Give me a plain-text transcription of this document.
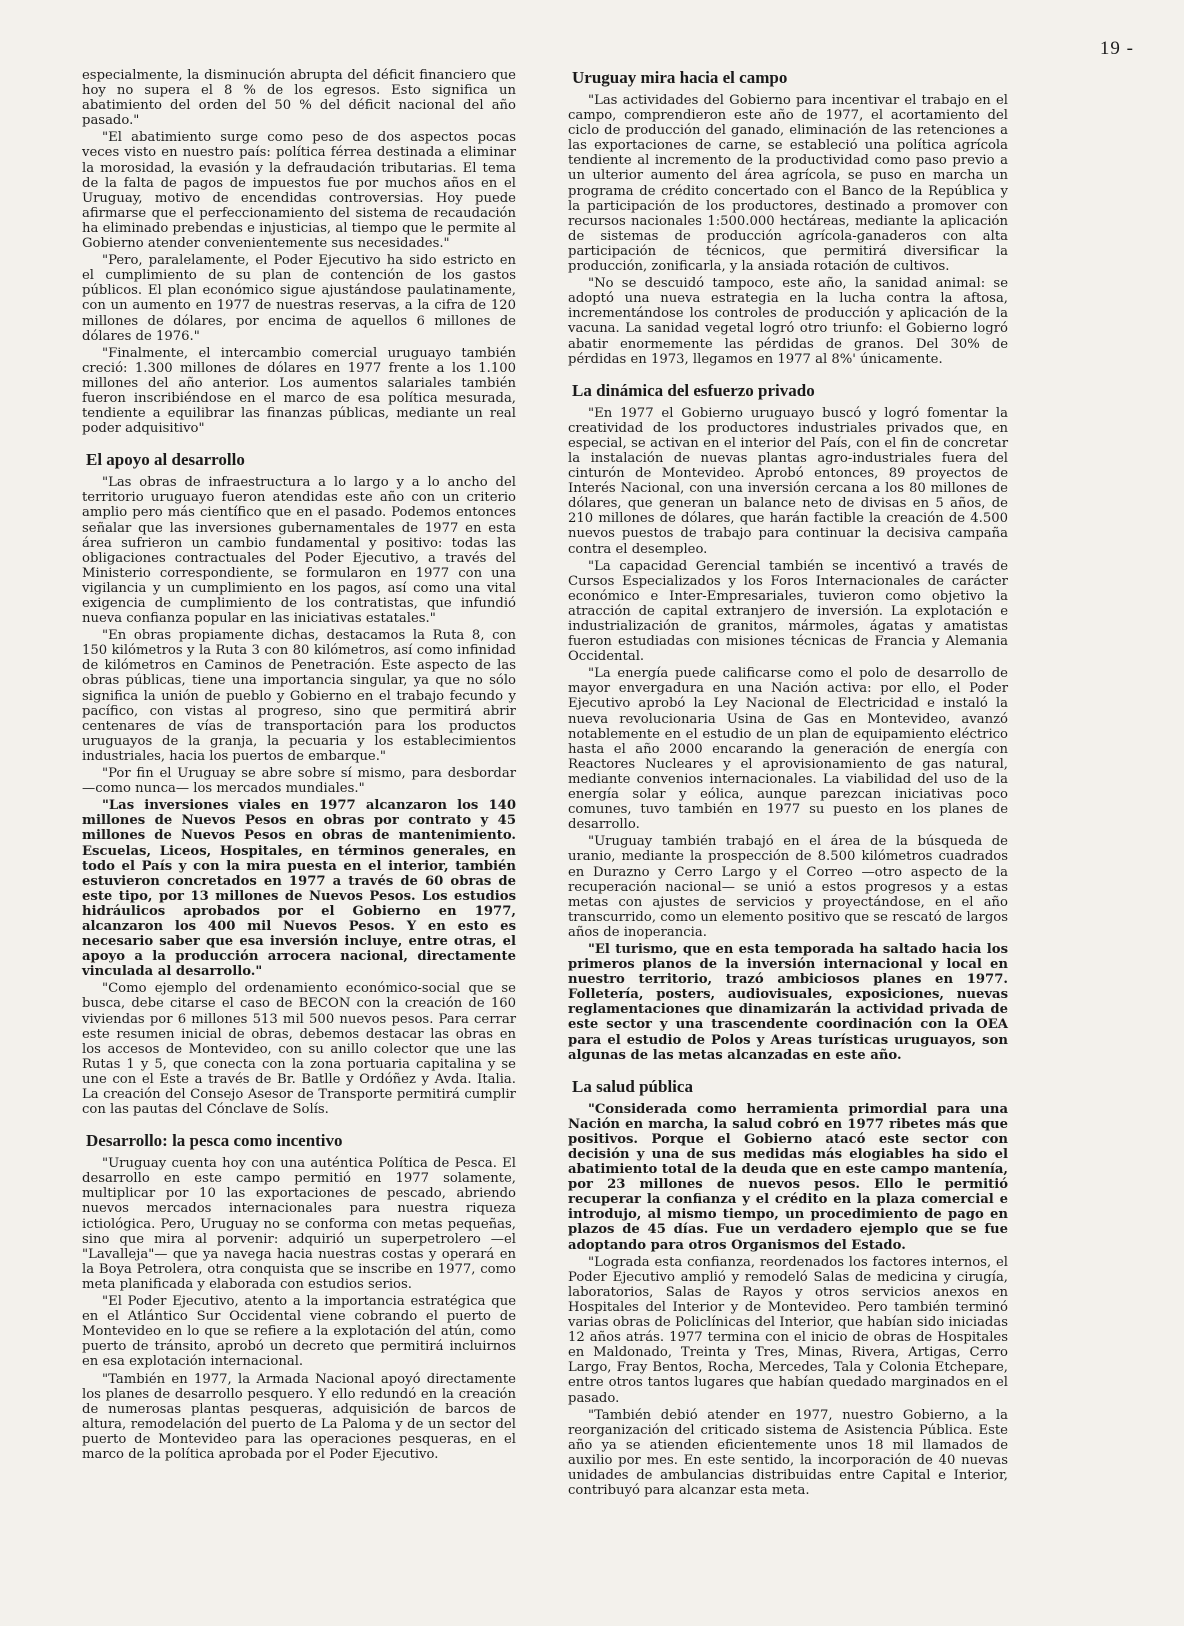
19 -

especialmente, la disminución abrupta del déficit financiero que hoy no supera el 8 % de los egresos. Esto significa un abatimiento del orden del 50 % del déficit nacional del año pasado."

"El abatimiento surge como peso de dos aspectos pocas veces visto en nuestro país: política férrea destinada a eliminar la morosidad, la evasión y la defraudación tributarias. El tema de la falta de pagos de impuestos fue por muchos años en el Uruguay, motivo de encendidas controversias. Hoy puede afirmarse que el perfeccionamiento del sistema de recaudación ha eliminado prebendas e injusticias, al tiempo que le permite al Gobierno atender convenientemente sus necesidades."

"Pero, paralelamente, el Poder Ejecutivo ha sido estricto en el cumplimiento de su plan de contención de los gastos públicos. El plan económico sigue ajustándose paulatinamente, con un aumento en 1977 de nuestras reservas, a la cifra de 120 millones de dólares, por encima de aquellos 6 millones de dólares de 1976."

"Finalmente, el intercambio comercial uruguayo también creció: 1.300 millones de dólares en 1977 frente a los 1.100 millones del año anterior. Los aumentos salariales también fueron inscribiéndose en el marco de esa política mesurada, tendiente a equilibrar las finanzas públicas, mediante un real poder adquisitivo"

El apoyo al desarrollo

"Las obras de infraestructura a lo largo y a lo ancho del territorio uruguayo fueron atendidas este año con un criterio amplio pero más científico que en el pasado. Podemos entonces señalar que las inversiones gubernamentales de 1977 en esta área sufrieron un cambio fundamental y positivo: todas las obligaciones contractuales del Poder Ejecutivo, a través del Ministerio correspondiente, se formularon en 1977 con una vigilancia y un cumplimiento en los pagos, así como una vital exigencia de cumplimiento de los contratistas, que infundió nueva confianza popular en las iniciativas estatales."

"En obras propiamente dichas, destacamos la Ruta 8, con 150 kilómetros y la Ruta 3 con 80 kilómetros, así como infinidad de kilómetros en Caminos de Penetración. Este aspecto de las obras públicas, tiene una importancia singular, ya que no sólo significa la unión de pueblo y Gobierno en el trabajo fecundo y pacífico, con vistas al progreso, sino que permitirá abrir centenares de vías de transportación para los productos uruguayos de la granja, la pecuaria y los establecimientos industriales, hacia los puertos de embarque."

"Por fin el Uruguay se abre sobre sí mismo, para desbordar —como nunca— los mercados mundiales."

"Las inversiones viales en 1977 alcanzaron los 140 millones de Nuevos Pesos en obras por contrato y 45 millones de Nuevos Pesos en obras de mantenimiento. Escuelas, Liceos, Hospitales, en términos generales, en todo el País y con la mira puesta en el interior, también estuvieron concretados en 1977 a través de 60 obras de este tipo, por 13 millones de Nuevos Pesos. Los estudios hidráulicos aprobados por el Gobierno en 1977, alcanzaron los 400 mil Nuevos Pesos. Y en esto es necesario saber que esa inversión incluye, entre otras, el apoyo a la producción arrocera nacional, directamente vinculada al desarrollo."

"Como ejemplo del ordenamiento económico-social que se busca, debe citarse el caso de BECON con la creación de 160 viviendas por 6 millones 513 mil 500 nuevos pesos. Para cerrar este resumen inicial de obras, debemos destacar las obras en los accesos de Montevideo, con su anillo colector que une las Rutas 1 y 5, que conecta con la zona portuaria capitalina y se une con el Este a través de Br. Batlle y Ordóñez y Avda. Italia. La creación del Consejo Asesor de Transporte permitirá cumplir con las pautas del Cónclave de Solís.

Desarrollo: la pesca como incentivo

"Uruguay cuenta hoy con una auténtica Política de Pesca. El desarrollo en este campo permitió en 1977 solamente, multiplicar por 10 las exportaciones de pescado, abriendo nuevos mercados internacionales para nuestra riqueza ictiológica. Pero, Uruguay no se conforma con metas pequeñas, sino que mira al porvenir: adquirió un superpetrolero —el "Lavalleja"— que ya navega hacia nuestras costas y operará en la Boya Petrolera, otra conquista que se inscribe en 1977, como meta planificada y elaborada con estudios serios.

"El Poder Ejecutivo, atento a la importancia estratégica que en el Atlántico Sur Occidental viene cobrando el puerto de Montevideo en lo que se refiere a la explotación del atún, como puerto de tránsito, aprobó un decreto que permitirá incluirnos en esa explotación internacional.

"También en 1977, la Armada Nacional apoyó directamente los planes de desarrollo pesquero. Y ello redundó en la creación de numerosas plantas pesqueras, adquisición de barcos de altura, remodelación del puerto de La Paloma y de un sector del puerto de Montevideo para las operaciones pesqueras, en el marco de la política aprobada por el Poder Ejecutivo.

Uruguay mira hacia el campo

"Las actividades del Gobierno para incentivar el trabajo en el campo, comprendieron este año de 1977, el acortamiento del ciclo de producción del ganado, eliminación de las retenciones a las exportaciones de carne, se estableció una política agrícola tendiente al incremento de la productividad como paso previo a un ulterior aumento del área agrícola, se puso en marcha un programa de crédito concertado con el Banco de la República y la participación de los productores, destinado a promover con recursos nacionales 1:500.000 hectáreas, mediante la aplicación de sistemas de producción agrícola-ganaderos con alta participación de técnicos, que permitirá diversificar la producción, zonificarla, y la ansiada rotación de cultivos.

"No se descuidó tampoco, este año, la sanidad animal: se adoptó una nueva estrategia en la lucha contra la aftosa, incrementándose los controles de producción y aplicación de la vacuna. La sanidad vegetal logró otro triunfo: el Gobierno logró abatir enormemente las pérdidas de granos. Del 30% de pérdidas en 1973, llegamos en 1977 al 8%' únicamente.

La dinámica del esfuerzo privado

"En 1977 el Gobierno uruguayo buscó y logró fomentar la creatividad de los productores industriales privados que, en especial, se activan en el interior del País, con el fin de concretar la instalación de nuevas plantas agro-industriales fuera del cinturón de Montevideo. Aprobó entonces, 89 proyectos de Interés Nacional, con una inversión cercana a los 80 millones de dólares, que generan un balance neto de divisas en 5 años, de 210 millones de dólares, que harán factible la creación de 4.500 nuevos puestos de trabajo para continuar la decisiva campaña contra el desempleo.

"La capacidad Gerencial también se incentivó a través de Cursos Especializados y los Foros Internacionales de carácter económico e Inter-Empresariales, tuvieron como objetivo la atracción de capital extranjero de inversión. La explotación e industrialización de granitos, mármoles, ágatas y amatistas fueron estudiadas con misiones técnicas de Francia y Alemania Occidental.

"La energía puede calificarse como el polo de desarrollo de mayor envergadura en una Nación activa: por ello, el Poder Ejecutivo aprobó la Ley Nacional de Electricidad e instaló la nueva revolucionaria Usina de Gas en Montevideo, avanzó notablemente en el estudio de un plan de equipamiento eléctrico hasta el año 2000 encarando la generación de energía con Reactores Nucleares y el aprovisionamiento de gas natural, mediante convenios internacionales. La viabilidad del uso de la energía solar y eólica, aunque parezcan iniciativas poco comunes, tuvo también en 1977 su puesto en los planes de desarrollo.

"Uruguay también trabajó en el área de la búsqueda de uranio, mediante la prospección de 8.500 kilómetros cuadrados en Durazno y Cerro Largo y el Correo —otro aspecto de la recuperación nacional— se unió a estos progresos y a estas metas con ajustes de servicios y proyectándose, en el año transcurrido, como un elemento positivo que se rescató de largos años de inoperancia.

"El turismo, que en esta temporada ha saltado hacia los primeros planos de la inversión internacional y local en nuestro territorio, trazó ambiciosos planes en 1977. Folletería, posters, audiovisuales, exposiciones, nuevas reglamentaciones que dinamizarán la actividad privada de este sector y una trascendente coordinación con la OEA para el estudio de Polos y Areas turísticas uruguayos, son algunas de las metas alcanzadas en este año.

La salud pública

"Considerada como herramienta primordial para una Nación en marcha, la salud cobró en 1977 ribetes más que positivos. Porque el Gobierno atacó este sector con decisión y una de sus medidas más elogiables ha sido el abatimiento total de la deuda que en este campo mantenía, por 23 millones de nuevos pesos. Ello le permitió recuperar la confianza y el crédito en la plaza comercial e introdujo, al mismo tiempo, un procedimiento de pago en plazos de 45 días. Fue un verdadero ejemplo que se fue adoptando para otros Organismos del Estado.

"Lograda esta confianza, reordenados los factores internos, el Poder Ejecutivo amplió y remodeló Salas de medicina y cirugía, laboratorios, Salas de Rayos y otros servicios anexos en Hospitales del Interior y de Montevideo. Pero también terminó varias obras de Policlínicas del Interior, que habían sido iniciadas 12 años atrás. 1977 termina con el inicio de obras de Hospitales en Maldonado, Treinta y Tres, Minas, Rivera, Artigas, Cerro Largo, Fray Bentos, Rocha, Mercedes, Tala y Colonia Etchepare, entre otros tantos lugares que habían quedado marginados en el pasado.

"También debió atender en 1977, nuestro Gobierno, a la reorganización del criticado sistema de Asistencia Pública. Este año ya se atienden eficientemente unos 18 mil llamados de auxilio por mes. En este sentido, la incorporación de 40 nuevas unidades de ambulancias distribuidas entre Capital e Interior, contribuyó para alcanzar esta meta.
